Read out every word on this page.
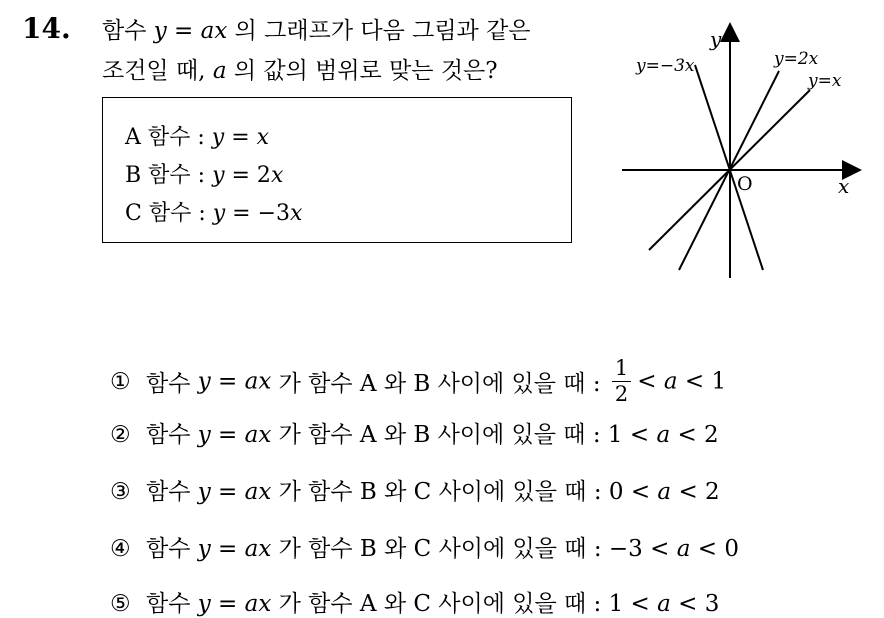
14. 함수 y = ax 의 그래프가 다음 그림과 같은
조건일 때, a 의 값의 범위로 맞는 것은?
A 함수 : y = x
B 함수 : y = 2x
C 함수 : y = −3x
y
x
O
y=−3x	y=2x
y=x
① 함수 y = ax 가 함수 A 와 B 사이에 있을 때 : $\frac{1}{2} < a < 1$
② 함수 y = ax 가 함수 A 와 B 사이에 있을 때 : 1 < a < 2
③ 함수 y = ax 가 함수 B 와 C 사이에 있을 때 : 0 < a < 2
④ 함수 y = ax 가 함수 B 와 C 사이에 있을 때 : −3 < a < 0
⑤ 함수 y = ax 가 함수 A 와 C 사이에 있을 때 : 1 < a < 3
